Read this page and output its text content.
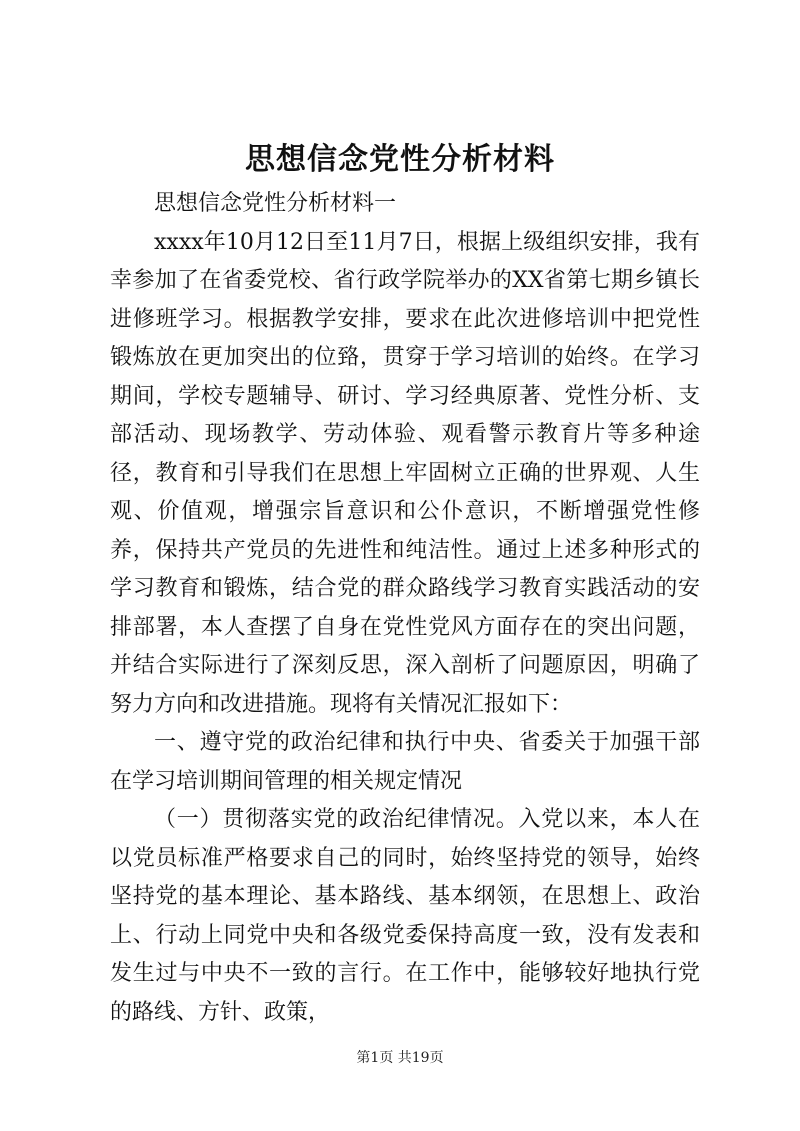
思想信念党性分析材料

思想信念党性分析材料一

xxxx年10月12日至11月7日，根据上级组织安排，我有幸参加了在省委党校、省行政学院举办的XX省第七期乡镇长进修班学习。根据教学安排，要求在此次进修培训中把党性锻炼放在更加突出的位臵，贯穿于学习培训的始终。在学习期间，学校专题辅导、研讨、学习经典原著、党性分析、支部活动、现场教学、劳动体验、观看警示教育片等多种途径，教育和引导我们在思想上牢固树立正确的世界观、人生观、价值观，增强宗旨意识和公仆意识，不断增强党性修养，保持共产党员的先进性和纯洁性。通过上述多种形式的学习教育和锻炼，结合党的群众路线学习教育实践活动的安排部署，本人查摆了自身在党性党风方面存在的突出问题，并结合实际进行了深刻反思，深入剖析了问题原因，明确了努力方向和改进措施。现将有关情况汇报如下：

一、遵守党的政治纪律和执行中央、省委关于加强干部在学习培训期间管理的相关规定情况

（一）贯彻落实党的政治纪律情况。入党以来，本人在以党员标准严格要求自己的同时，始终坚持党的领导，始终坚持党的基本理论、基本路线、基本纲领，在思想上、政治上、行动上同党中央和各级党委保持高度一致，没有发表和发生过与中央不一致的言行。在工作中，能够较好地执行党的路线、方针、政策，

第1页 共19页
